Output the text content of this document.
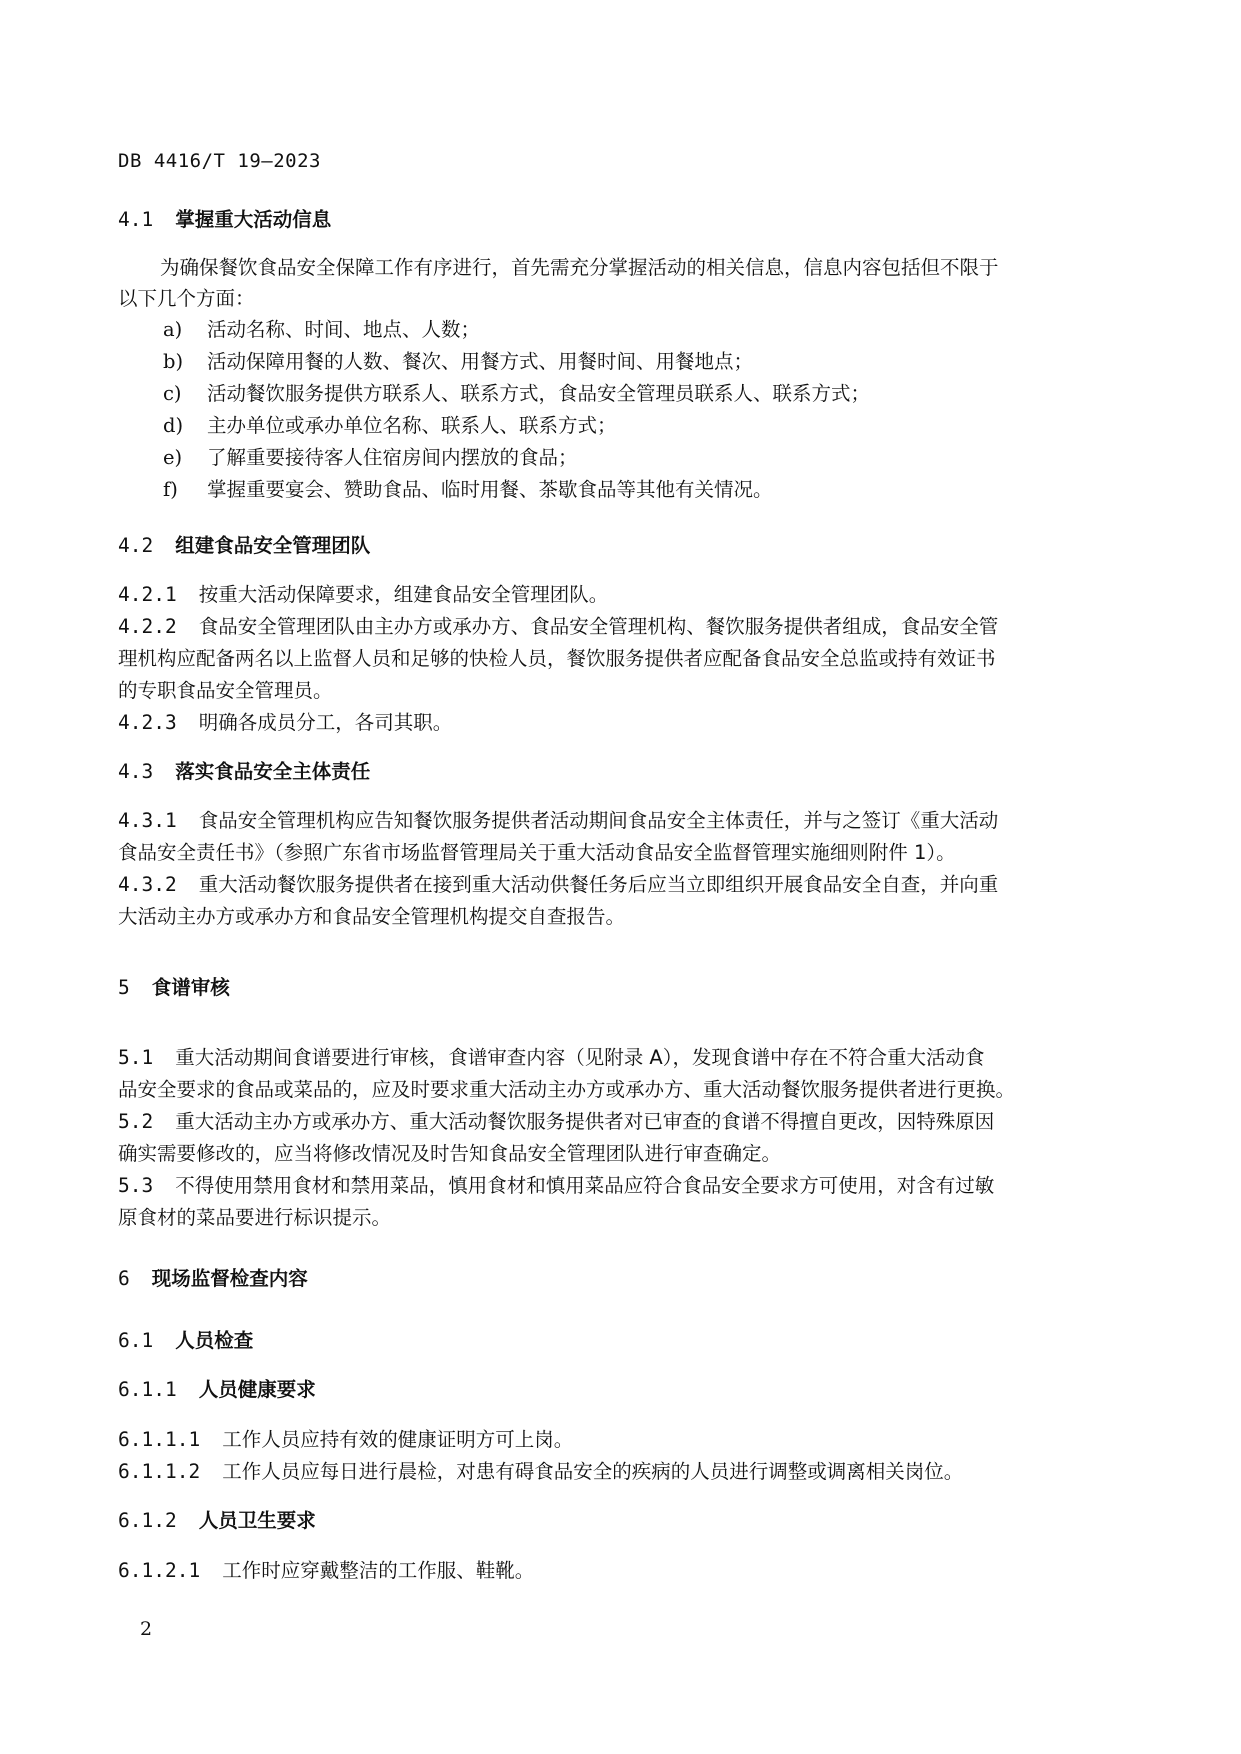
DB 4416/T 19—2023
4.1 掌握重大活动信息
为确保餐饮食品安全保障工作有序进行，首先需充分掌握活动的相关信息，信息内容包括但不限于
以下几个方面：
a) 活动名称、时间、地点、人数；
b) 活动保障用餐的人数、餐次、用餐方式、用餐时间、用餐地点；
c) 活动餐饮服务提供方联系人、联系方式，食品安全管理员联系人、联系方式；
d) 主办单位或承办单位名称、联系人、联系方式；
e) 了解重要接待客人住宿房间内摆放的食品；
f) 掌握重要宴会、赞助食品、临时用餐、茶歇食品等其他有关情况。
4.2 组建食品安全管理团队
4.2.1 按重大活动保障要求，组建食品安全管理团队。
4.2.2 食品安全管理团队由主办方或承办方、食品安全管理机构、餐饮服务提供者组成，食品安全管
理机构应配备两名以上监督人员和足够的快检人员，餐饮服务提供者应配备食品安全总监或持有效证书
的专职食品安全管理员。
4.2.3 明确各成员分工，各司其职。
4.3 落实食品安全主体责任
4.3.1 食品安全管理机构应告知餐饮服务提供者活动期间食品安全主体责任，并与之签订《重大活动
食品安全责任书》（参照广东省市场监督管理局关于重大活动食品安全监督管理实施细则附件 1）。
4.3.2 重大活动餐饮服务提供者在接到重大活动供餐任务后应当立即组织开展食品安全自查，并向重
大活动主办方或承办方和食品安全管理机构提交自查报告。
5 食谱审核
5.1 重大活动期间食谱要进行审核，食谱审查内容（见附录 A），发现食谱中存在不符合重大活动食
品安全要求的食品或菜品的，应及时要求重大活动主办方或承办方、重大活动餐饮服务提供者进行更换。
5.2 重大活动主办方或承办方、重大活动餐饮服务提供者对已审查的食谱不得擅自更改，因特殊原因
确实需要修改的，应当将修改情况及时告知食品安全管理团队进行审查确定。
5.3 不得使用禁用食材和禁用菜品，慎用食材和慎用菜品应符合食品安全要求方可使用，对含有过敏
原食材的菜品要进行标识提示。
6 现场监督检查内容
6.1 人员检查
6.1.1 人员健康要求
6.1.1.1 工作人员应持有效的健康证明方可上岗。
6.1.1.2 工作人员应每日进行晨检，对患有碍食品安全的疾病的人员进行调整或调离相关岗位。
6.1.2 人员卫生要求
6.1.2.1 工作时应穿戴整洁的工作服、鞋靴。
2
